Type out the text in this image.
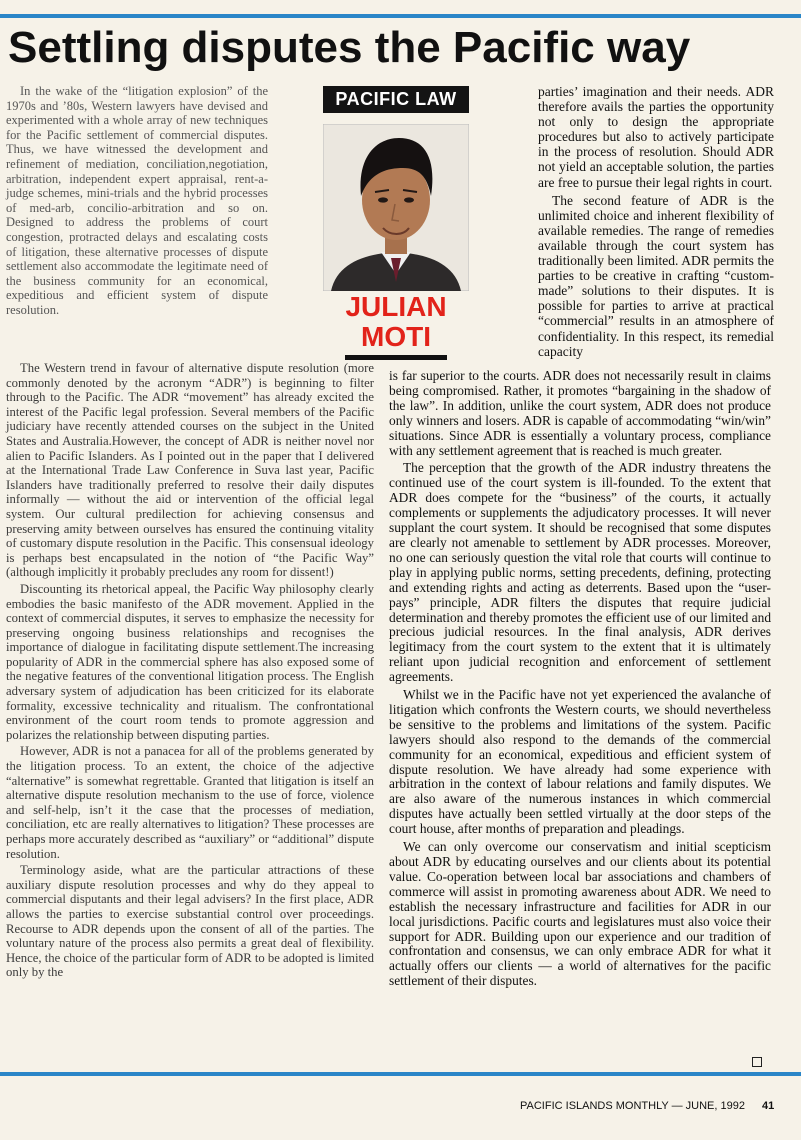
Settling disputes the Pacific way

In the wake of the “litigation explosion” of the 1970s and ’80s, Western lawyers have devised and experimented with a whole array of new techniques for the Pacific settlement of commercial disputes. Thus, we have witnessed the development and refinement of mediation, conciliation,negotiation, arbitration, independent expert appraisal, rent-a-judge schemes, mini-trials and the hybrid processes of med-arb, concilio-arbitration and so on. Designed to address the problems of court congestion, protracted delays and escalating costs of litigation, these alternative processes of dispute settlement also accommodate the legitimate need of the business community for an economical, expeditious and efficient system of dispute resolution.

PACIFIC LAW
JULIAN
MOTI

The Western trend in favour of alternative dispute resolution (more commonly denoted by the acronym “ADR”) is beginning to filter through to the Pacific. The ADR “movement” has already excited the interest of the Pacific legal profession. Several members of the Pacific judiciary have recently attended courses on the subject in the United States and Australia.However, the concept of ADR is neither novel nor alien to Pacific Islanders. As I pointed out in the paper that I delivered at the International Trade Law Conference in Suva last year, Pacific Islanders have traditionally preferred to resolve their daily disputes informally — without the aid or intervention of the official legal system. Our cultural predilection for achieving consensus and preserving amity between ourselves has ensured the continuing vitality of customary dispute resolution in the Pacific. This consensual ideology is perhaps best encapsulated in the notion of “the Pacific Way” (although implicitly it probably precludes any room for dissent!)

Discounting its rhetorical appeal, the Pacific Way philosophy clearly embodies the basic manifesto of the ADR movement. Applied in the context of commercial disputes, it serves to emphasize the necessity for preserving ongoing business relationships and recognises the importance of dialogue in facilitating dispute settlement.The increasing popularity of ADR in the commercial sphere has also exposed some of the negative features of the conventional litigation process. The English adversary system of adjudication has been criticized for its elaborate formality, excessive technicality and ritualism. The confrontational environment of the court room tends to promote aggression and polarizes the relationship between disputing parties.

However, ADR is not a panacea for all of the problems generated by the litigation process. To an extent, the choice of the adjective “alternative” is somewhat regrettable. Granted that litigation is itself an alternative dispute resolution mechanism to the use of force, violence and self-help, isn’t it the case that the processes of mediation, conciliation, etc are really alternatives to litigation? These processes are perhaps more accurately described as “auxiliary” or “additional” dispute resolution.

Terminology aside, what are the particular attractions of these auxiliary dispute resolution processes and why do they appeal to commercial disputants and their legal advisers? In the first place, ADR allows the parties to exercise substantial control over proceedings. Recourse to ADR depends upon the consent of all of the parties. The voluntary nature of the process also permits a great deal of flexibility. Hence, the choice of the particular form of ADR to be adopted is limited only by the

parties’ imagination and their needs. ADR therefore avails the parties the opportunity not only to design the appropriate procedures but also to actively participate in the process of resolution. Should ADR not yield an acceptable solution, the parties are free to pursue their legal rights in court.

The second feature of ADR is the unlimited choice and inherent flexibility of available remedies. The range of remedies available through the court system has traditionally been limited. ADR permits the parties to be creative in crafting “custom-made” solutions to their disputes. It is possible for parties to arrive at practical “commercial” results in an atmosphere of confidentiality. In this respect, its remedial capacity

is far superior to the courts. ADR does not necessarily result in claims being compromised. Rather, it promotes “bargaining in the shadow of the law”. In addition, unlike the court system, ADR does not produce only winners and losers. ADR is capable of accommodating “win/win” situations. Since ADR is essentially a voluntary process, compliance with any settlement agreement that is reached is much greater.

The perception that the growth of the ADR industry threatens the continued use of the court system is ill-founded. To the extent that ADR does compete for the “business” of the courts, it actually complements or supplements the adjudicatory processes. It will never supplant the court system. It should be recognised that some disputes are clearly not amenable to settlement by ADR processes. Moreover, no one can seriously question the vital role that courts will continue to play in applying public norms, setting precedents, defining, protecting and extending rights and acting as deterrents. Based upon the “user-pays” principle, ADR filters the disputes that require judicial determination and thereby promotes the efficient use of our limited and precious judicial resources. In the final analysis, ADR derives legitimacy from the court system to the extent that it is ultimately reliant upon judicial recognition and enforcement of settlement agreements.

Whilst we in the Pacific have not yet experienced the avalanche of litigation which confronts the Western courts, we should nevertheless be sensitive to the problems and limitations of the system. Pacific lawyers should also respond to the demands of the commercial community for an economical, expeditious and efficient system of dispute resolution. We have already had some experience with arbitration in the context of labour relations and family disputes. We are also aware of the numerous instances in which commercial disputes have actually been settled virtually at the door steps of the court house, after months of preparation and pleadings.

We can only overcome our conservatism and initial scepticism about ADR by educating ourselves and our clients about its potential value. Co-operation between local bar associations and chambers of commerce will assist in promoting awareness about ADR. We need to establish the necessary infrastructure and facilities for ADR in our local jurisdictions. Pacific courts and legislatures must also voice their support for ADR. Building upon our experience and our tradition of confrontation and consensus, we can only embrace ADR for what it actually offers our clients — a world of alternatives for the pacific settlement of their disputes.

PACIFIC ISLANDS MONTHLY — JUNE, 1992 41
